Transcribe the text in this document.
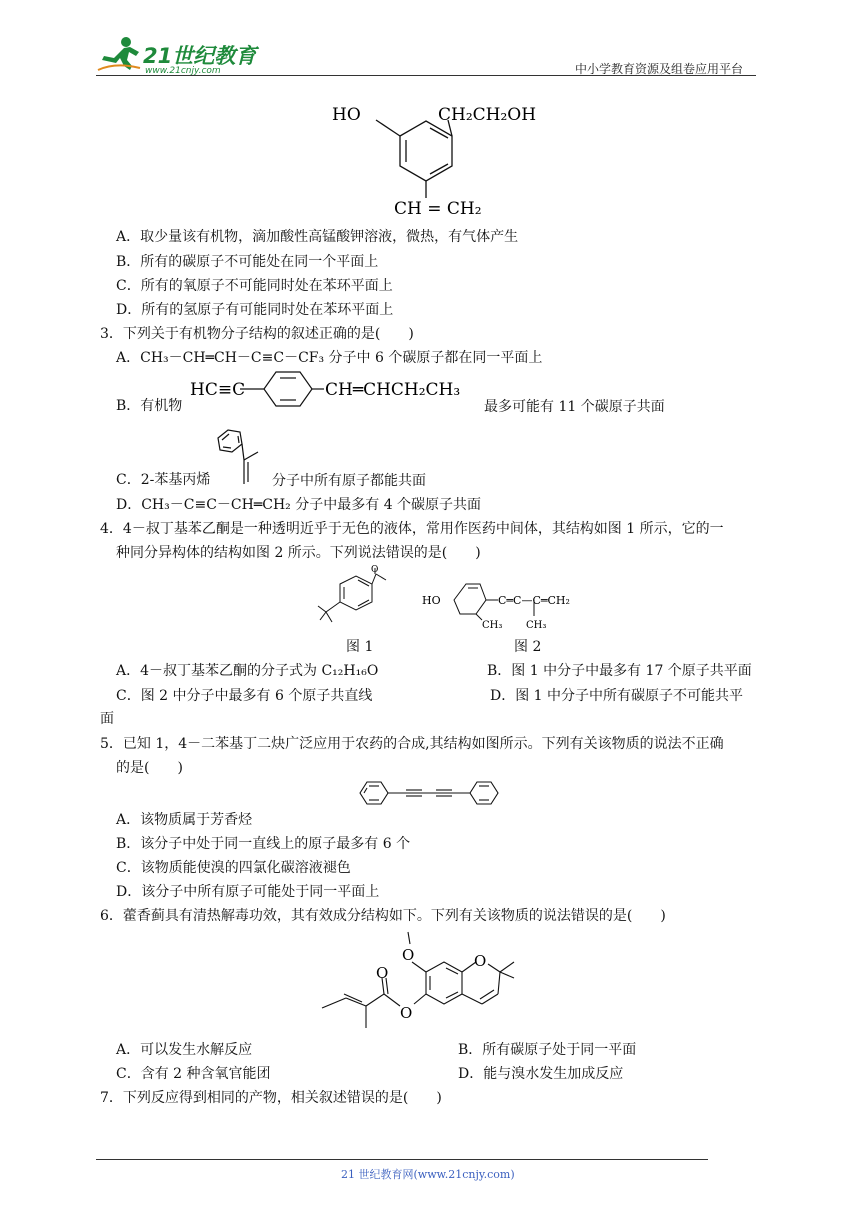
21世纪教育
www.21cnjy.com	中小学教育资源及组卷应用平台
HO	CH₂CH₂OH
CH = CH₂
A．取少量该有机物，滴加酸性高锰酸钾溶液，微热，有气体产生
B．所有的碳原子不可能处在同一个平面上
C．所有的氧原子不可能同时处在苯环平面上
D．所有的氢原子有可能同时处在苯环平面上
3．下列关于有机物分子结构的叙述正确的是(　　)
A．CH₃－CH═CH－C≡C－CF₃ 分子中 6 个碳原子都在同一平面上
B．有机物
HC≡C	CH═CHCH₂CH₃
最多可能有 11 个碳原子共面
C．2-苯基丙烯	分子中所有原子都能共面
D．CH₃－C≡C－CH═CH₂ 分子中最多有 4 个碳原子共面
4．4－叔丁基苯乙酮是一种透明近乎于无色的液体，常用作医药中间体，其结构如图 1 所示，它的一
种同分异构体的结构如图 2 所示。下列说法错误的是(　　)
O
HO	C═C—C═CH₂
CH₃ CH₃
图 1	图 2
A．4－叔丁基苯乙酮的分子式为 C₁₂H₁₆O	B．图 1 中分子中最多有 17 个原子共平面
C．图 2 中分子中最多有 6 个原子共直线	D．图 1 中分子中所有碳原子不可能共平
面
5．已知 1，4－二苯基丁二炔广泛应用于农药的合成,其结构如图所示。下列有关该物质的说法不正确
的是(　　)
A．该物质属于芳香烃
B．该分子中处于同一直线上的原子最多有 6 个
C．该物质能使溴的四氯化碳溶液褪色
D．该分子中所有原子可能处于同一平面上
6．藿香蓟具有清热解毒功效，其有效成分结构如下。下列有关该物质的说法错误的是(　　)
O	O
O
O
A．可以发生水解反应	B．所有碳原子处于同一平面
C．含有 2 种含氧官能团	D．能与溴水发生加成反应
7．下列反应得到相同的产物，相关叙述错误的是(　　)
21 世纪教育网(www.21cnjy.com)
